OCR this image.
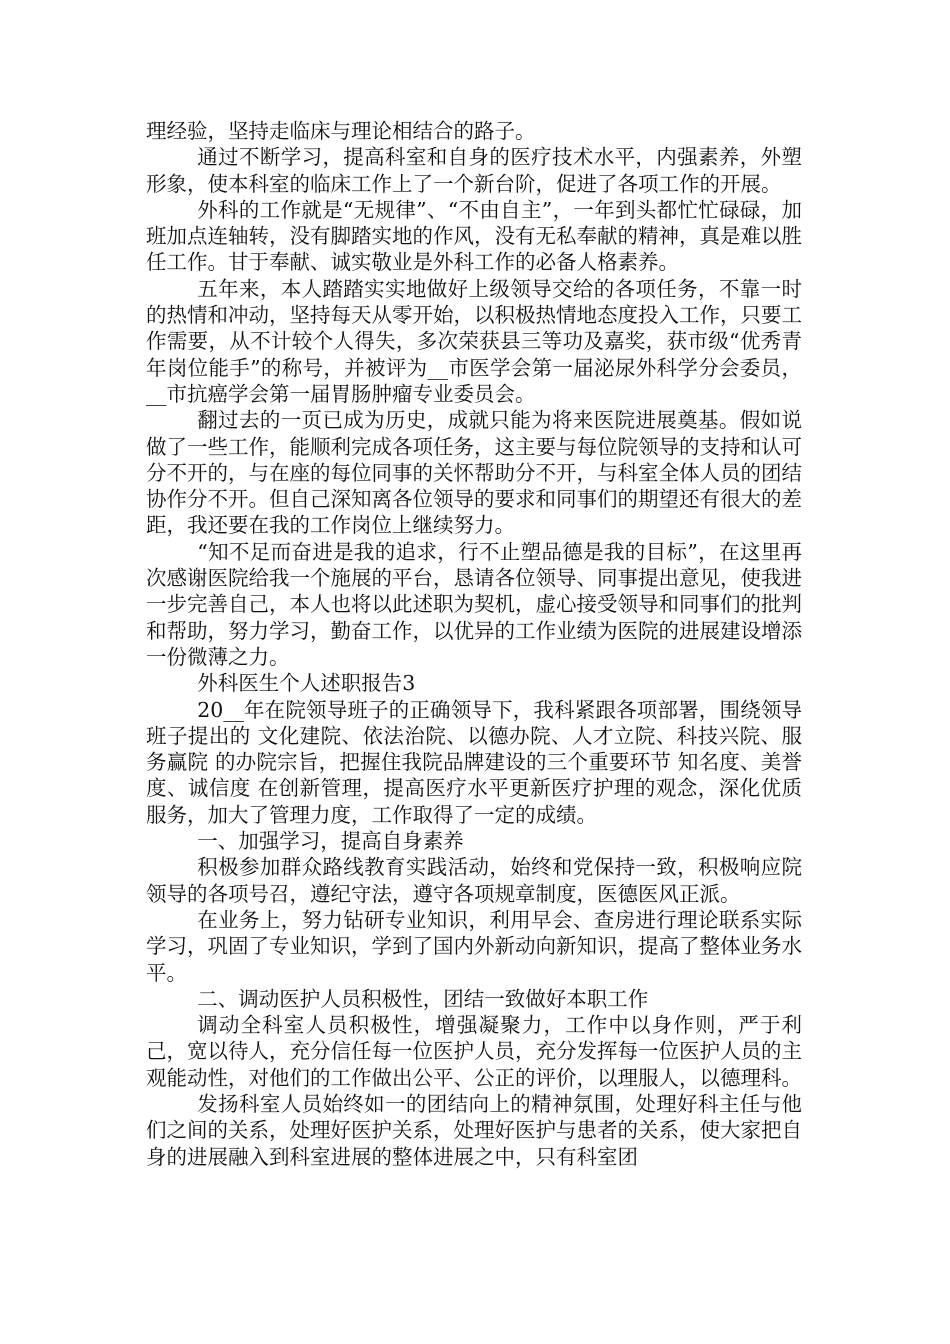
理经验，坚持走临床与理论相结合的路子。

通过不断学习，提高科室和自身的医疗技术水平，内强素养，外塑形象，使本科室的临床工作上了一个新台阶，促进了各项工作的开展。

外科的工作就是“无规律”、“不由自主”，一年到头都忙忙碌碌，加班加点连轴转，没有脚踏实地的作风，没有无私奉献的精神，真是难以胜任工作。甘于奉献、诚实敬业是外科工作的必备人格素养。

五年来，本人踏踏实实地做好上级领导交给的各项任务，不靠一时的热情和冲动，坚持每天从零开始，以积极热情地态度投入工作，只要工作需要，从不计较个人得失，多次荣获县三等功及嘉奖，获市级“优秀青年岗位能手”的称号，并被评为__市医学会第一届泌尿外科学分会委员，__市抗癌学会第一届胃肠肿瘤专业委员会。

翻过去的一页已成为历史，成就只能为将来医院进展奠基。假如说做了一些工作，能顺利完成各项任务，这主要与每位院领导的支持和认可分不开的，与在座的每位同事的关怀帮助分不开，与科室全体人员的团结协作分不开。但自己深知离各位领导的要求和同事们的期望还有很大的差距，我还要在我的工作岗位上继续努力。

“知不足而奋进是我的追求，行不止塑品德是我的目标”，在这里再次感谢医院给我一个施展的平台，恳请各位领导、同事提出意见，使我进一步完善自己，本人也将以此述职为契机，虚心接受领导和同事们的批判和帮助，努力学习，勤奋工作，以优异的工作业绩为医院的进展建设增添一份微薄之力。

外科医生个人述职报告3

20__年在院领导班子的正确领导下，我科紧跟各项部署，围绕领导班子提出的 文化建院、依法治院、以德办院、人才立院、科技兴院、服务赢院 的办院宗旨，把握住我院品牌建设的三个重要环节 知名度、美誉度、诚信度 在创新管理，提高医疗水平更新医疗护理的观念，深化优质服务，加大了管理力度，工作取得了一定的成绩。

一、加强学习，提高自身素养

积极参加群众路线教育实践活动，始终和党保持一致，积极响应院领导的各项号召，遵纪守法，遵守各项规章制度，医德医风正派。

在业务上，努力钻研专业知识，利用早会、查房进行理论联系实际学习，巩固了专业知识，学到了国内外新动向新知识，提高了整体业务水平。

二、调动医护人员积极性，团结一致做好本职工作

调动全科室人员积极性，增强凝聚力，工作中以身作则，严于利己，宽以待人，充分信任每一位医护人员，充分发挥每一位医护人员的主观能动性，对他们的工作做出公平、公正的评价，以理服人，以德理科。

发扬科室人员始终如一的团结向上的精神氛围，处理好科主任与他们之间的关系，处理好医护关系，处理好医护与患者的关系，使大家把自身的进展融入到科室进展的整体进展之中，只有科室团
